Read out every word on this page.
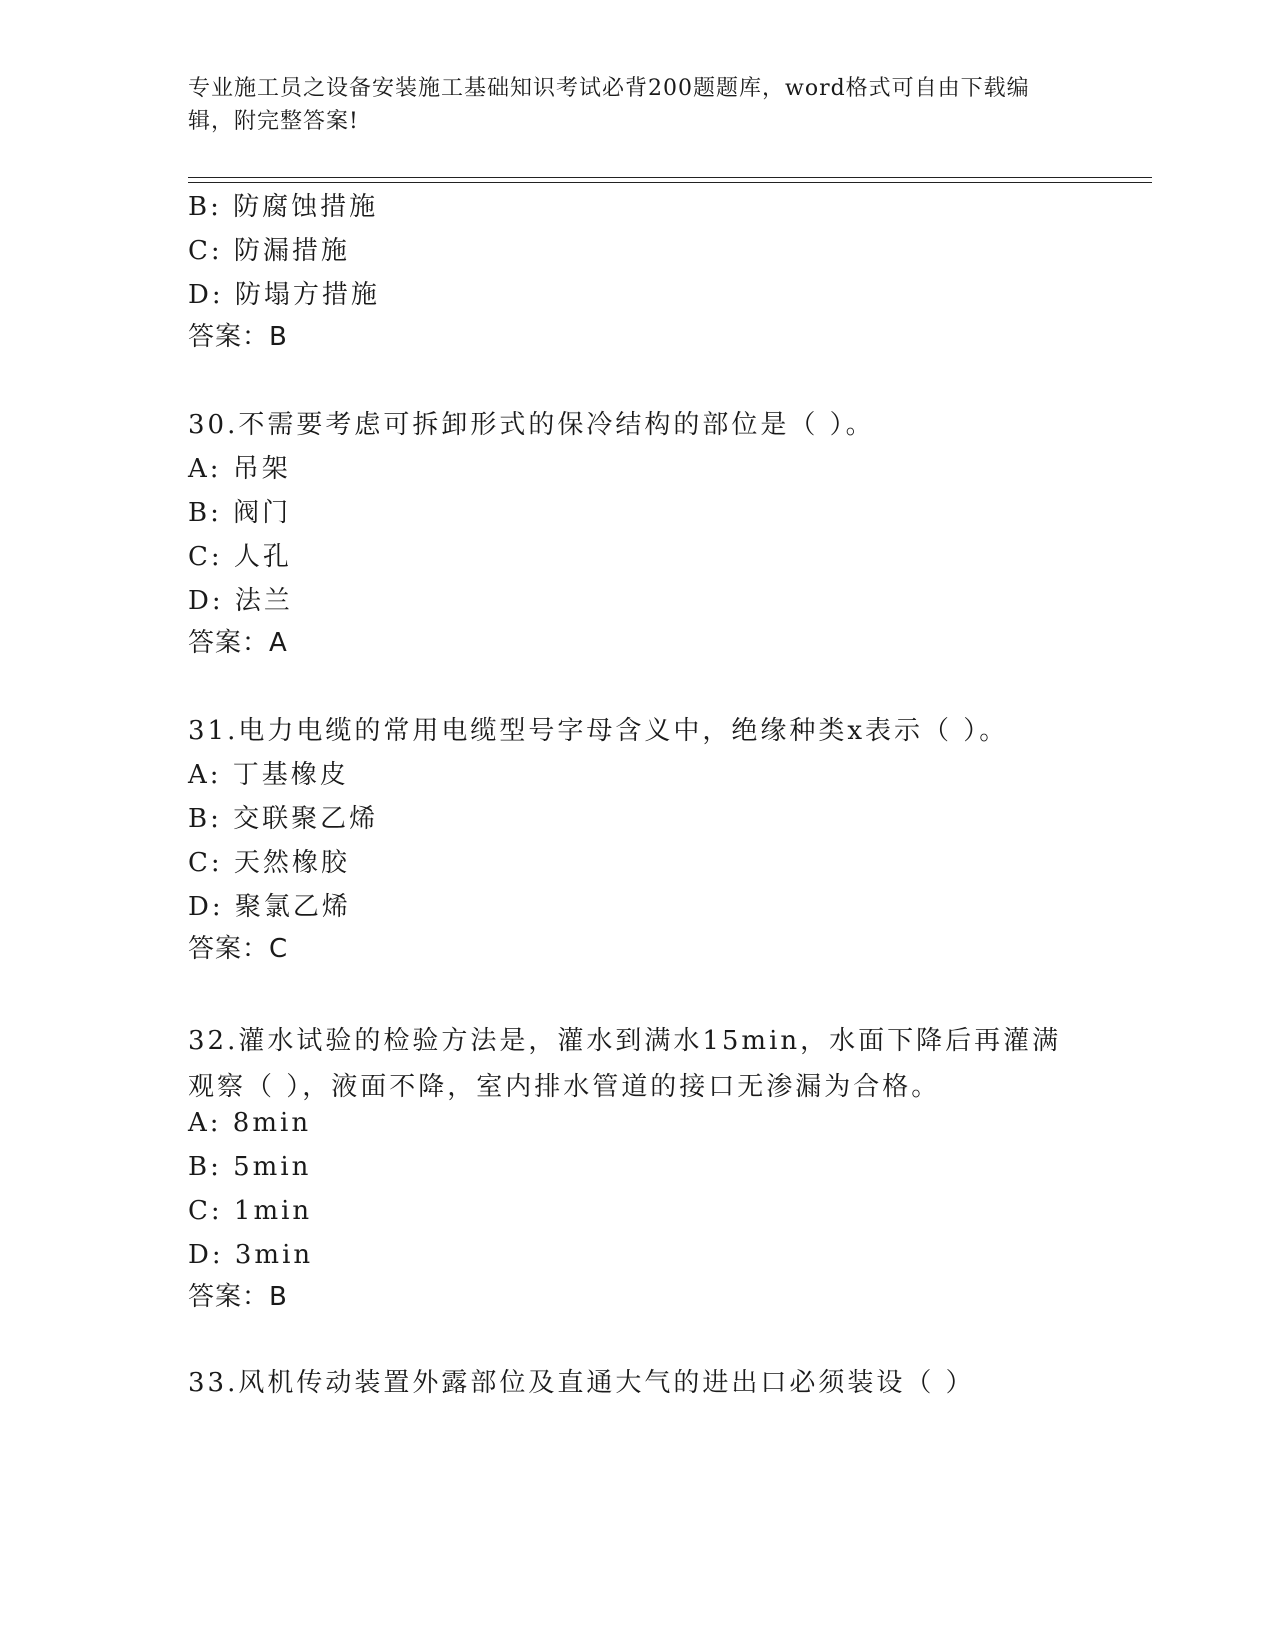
专业施工员之设备安装施工基础知识考试必背200题题库，word格式可自由下载编辑，附完整答案!
B: 防腐蚀措施
C: 防漏措施
D: 防塌方措施
答案：B
30.不需要考虑可拆卸形式的保冷结构的部位是（ ）。
A: 吊架
B: 阀门
C: 人孔
D: 法兰
答案：A
31.电力电缆的常用电缆型号字母含义中，绝缘种类x表示（ ）。
A: 丁基橡皮
B: 交联聚乙烯
C: 天然橡胶
D: 聚氯乙烯
答案：C
32.灌水试验的检验方法是，灌水到满水15min，水面下降后再灌满观察（ ），液面不降，室内排水管道的接口无渗漏为合格。
A: 8min
B: 5min
C: 1min
D: 3min
答案：B
33.风机传动装置外露部位及直通大气的进出口必须装设（ ）
